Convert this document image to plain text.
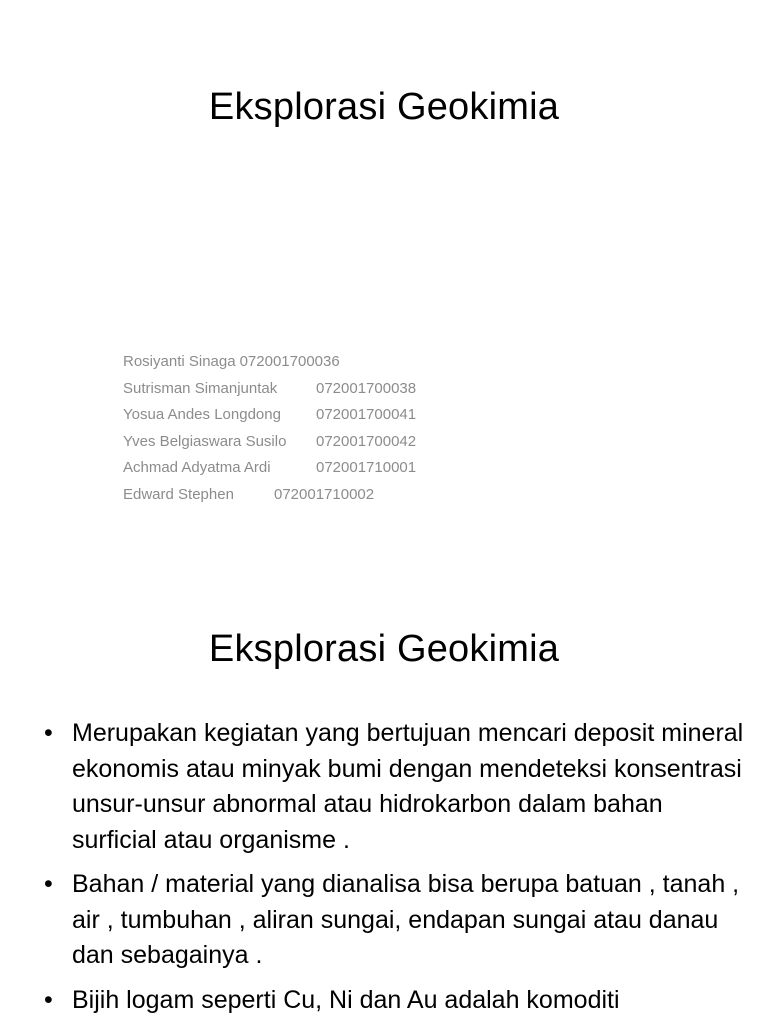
Eksplorasi Geokimia
Rosiyanti Sinaga 072001700036
Sutrisman Simanjuntak	072001700038
Yosua Andes Longdong	072001700041
Yves Belgiaswara Susilo	072001700042
Achmad Adyatma Ardi	072001710001
Edward Stephen	072001710002
Eksplorasi Geokimia
• Merupakan kegiatan yang bertujuan mencari deposit mineral ekonomis atau minyak bumi dengan mendeteksi konsentrasi unsur-unsur abnormal atau hidrokarbon dalam bahan surficial atau organisme .
• Bahan / material yang dianalisa bisa berupa batuan , tanah , air , tumbuhan , aliran sungai, endapan sungai atau danau dan sebagainya .
• Bijih logam seperti Cu, Ni dan Au adalah komoditi
